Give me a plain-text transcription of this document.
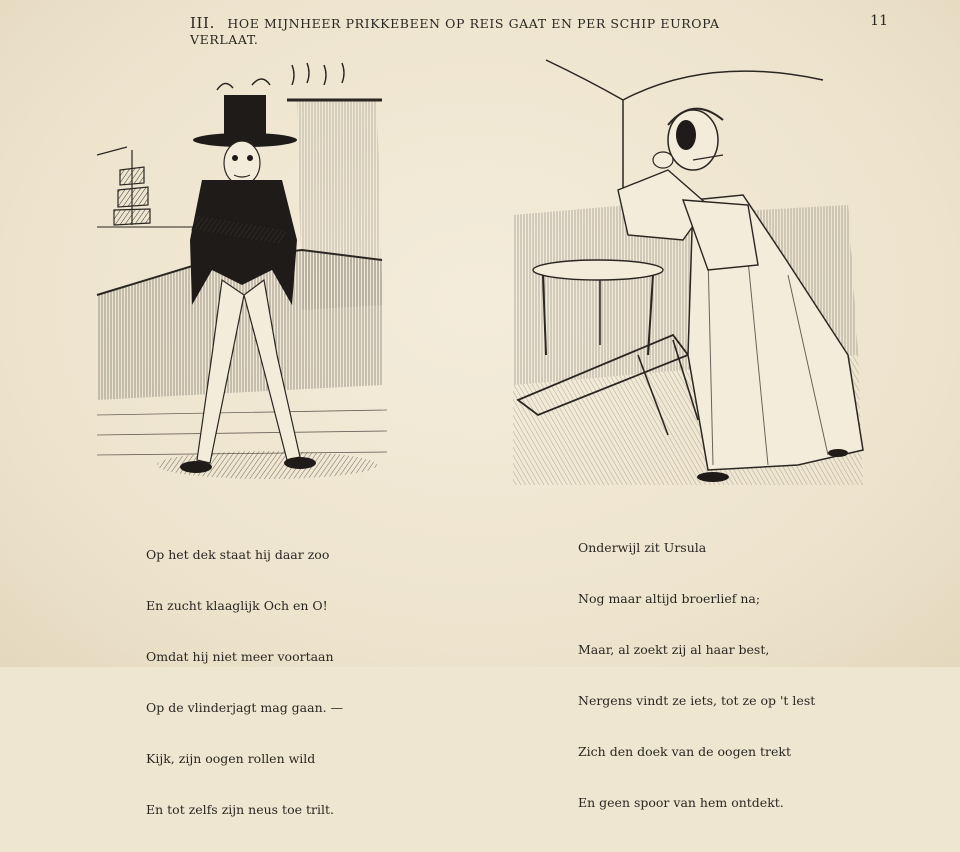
III. HOE MIJNHEER PRIKKEBEEN OP REIS GAAT EN PER SCHIP EUROPA VERLAAT.
11

Op het dek staat hij daar zoo

En zucht klaaglijk Och en O!

Omdat hij niet meer voortaan

Op de vlinderjagt mag gaan. —

Kijk, zijn oogen rollen wild

En tot zelfs zijn neus toe trilt.

Onderwijl zit Ursula

Nog maar altijd broerlief na;

Maar, al zoekt zij al haar best,

Nergens vindt ze iets, tot ze op 't lest

Zich den doek van de oogen trekt

En geen spoor van hem ontdekt.
